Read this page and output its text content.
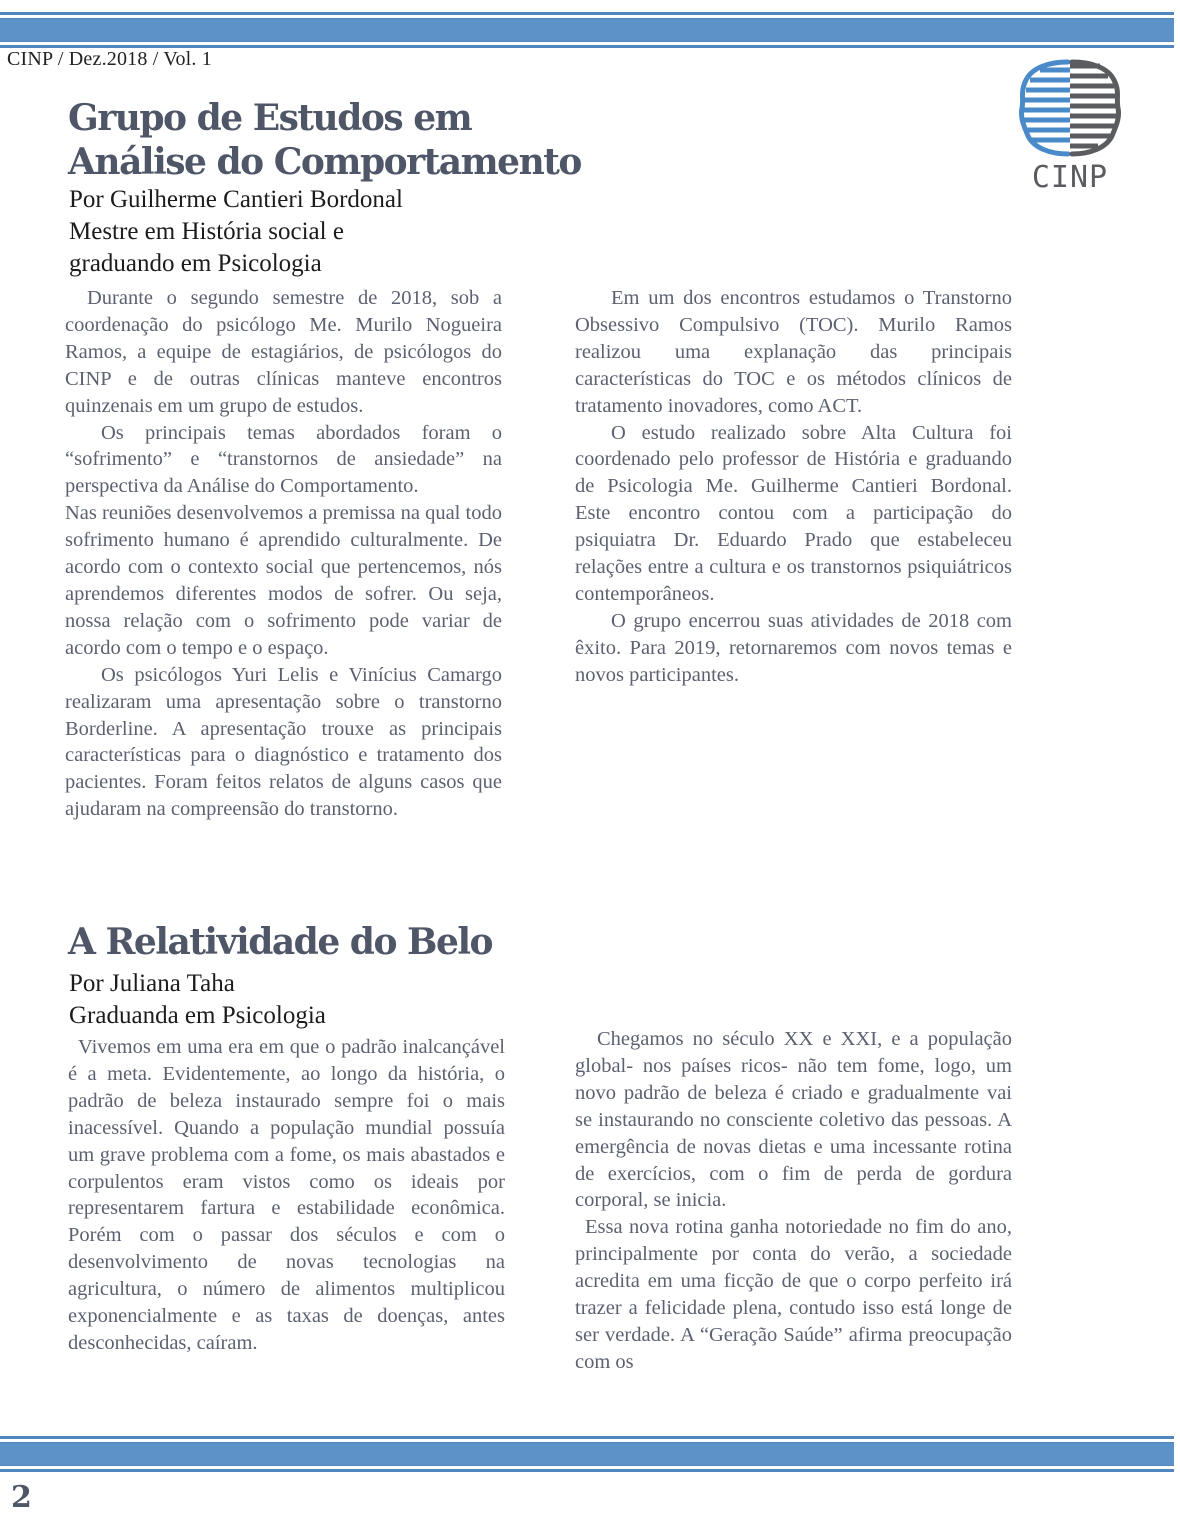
CINP / Dez.2018 / Vol. 1
CINP
Grupo de Estudos em
Análise do Comportamento
Por Guilherme Cantieri Bordonal
Mestre em História social e
graduando em Psicologia

Durante o segundo semestre de 2018, sob a coordenação do psicólogo Me. Murilo Nogueira Ramos, a equipe de estagiários, de psicólogos do CINP e de outras clínicas manteve encontros quinzenais em um grupo de estudos.

Os principais temas abordados foram o “sofrimento” e “transtornos de ansiedade” na perspectiva da Análise do Comportamento.

Nas reuniões desenvolvemos a premissa na qual todo sofrimento humano é aprendido culturalmente. De acordo com o contexto social que pertencemos, nós aprendemos diferentes modos de sofrer. Ou seja, nossa relação com o sofrimento pode variar de acordo com o tempo e o espaço.

Os psicólogos Yuri Lelis e Vinícius Camargo realizaram uma apresentação sobre o transtorno Borderline. A apresentação trouxe as principais características para o diagnóstico e tratamento dos pacientes. Foram feitos relatos de alguns casos que ajudaram na compreensão do transtorno.

Em um dos encontros estudamos o Transtorno Obsessivo Compulsivo (TOC). Murilo Ramos realizou uma explanação das principais características do TOC e os métodos clínicos de tratamento inovadores, como ACT.

O estudo realizado sobre Alta Cultura foi coordenado pelo professor de História e graduando de Psicologia Me. Guilherme Cantieri Bordonal. Este encontro contou com a participação do psiquiatra Dr. Eduardo Prado que estabeleceu relações entre a cultura e os transtornos psiquiátricos contemporâneos.

O grupo encerrou suas atividades de 2018 com êxito. Para 2019, retornaremos com novos temas e novos participantes.

A Relatividade do Belo
Por Juliana Taha
Graduanda em Psicologia

Vivemos em uma era em que o padrão inalcançável é a meta. Evidentemente, ao longo da história, o padrão de beleza instaurado sempre foi o mais inacessível. Quando a população mundial possuía um grave problema com a fome, os mais abastados e corpulentos eram vistos como os ideais por representarem fartura e estabilidade econômica. Porém com o passar dos séculos e com o desenvolvimento de novas tecnologias na agricultura, o número de alimentos multiplicou exponencialmente e as taxas de doenças, antes desconhecidas, caíram.

Chegamos no século XX e XXI, e a população global- nos países ricos- não tem fome, logo, um novo padrão de beleza é criado e gradualmente vai se instaurando no consciente coletivo das pessoas. A emergência de novas dietas e uma incessante rotina de exercícios, com o fim de perda de gordura corporal, se inicia.

Essa nova rotina ganha notoriedade no fim do ano, principalmente por conta do verão, a sociedade acredita em uma ficção de que o corpo perfeito irá trazer a felicidade plena, contudo isso está longe de ser verdade. A “Geração Saúde” afirma preocupação com os

2
